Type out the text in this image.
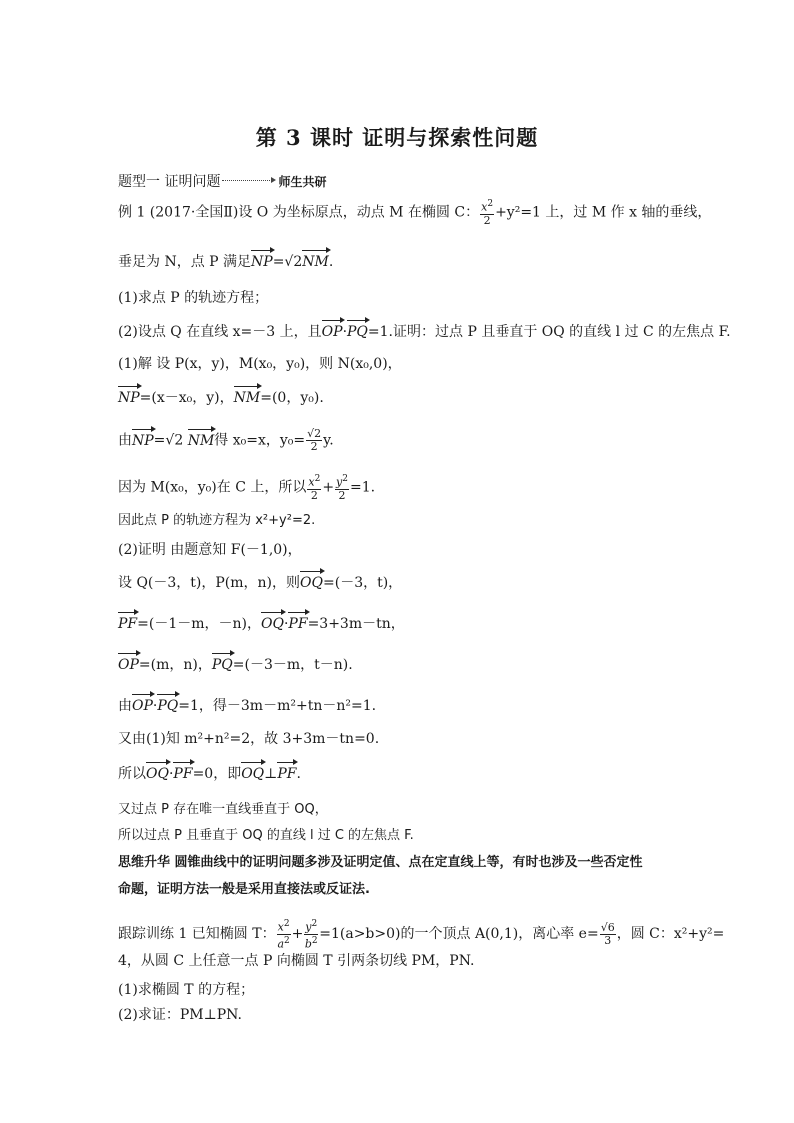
第 3 课时 证明与探索性问题
题型一 证明问题	师生共研
例 1 (2017·全国Ⅱ)设 O 为坐标原点，动点 M 在椭圆 C： $\frac{x^2}{2} +y^2=1$ 上，过 M 作 x 轴的垂线，
垂足为 N，点 P 满足NP=√2NM.
(1)求点 P 的轨迹方程；
(2)设点 Q 在直线 x=－3 上，且OP·PQ=1.证明：过点 P 且垂直于 OQ 的直线 l 过 C 的左焦点 F.
(1)解 设 P(x，y)，M(x₀，y₀)，则 N(x₀,0)，
NP=(x－x₀，y)，NM=(0，y₀).
由NP=√2 NM得 x₀=x，$y_0= \frac{√2}{2} y$.
因为 M(x₀，y₀)在 C 上，所以 $\frac{x^2}{2} + \frac{y^2}{2} =1$.
因此点 P 的轨迹方程为 x²+y²=2.
(2)证明 由题意知 F(－1,0)，
设 Q(－3，t)，P(m，n)，则OQ=(－3，t)，
PF=(－1－m，－n)，OQ·PF=3+3m－tn，
OP=(m，n)，PQ=(－3－m，t－n).
由OP·PQ=1，得－3m－m²+tn－n²=1.
又由(1)知 m²+n²=2，故 3+3m－tn=0.
所以OQ·PF=0，即OQ⊥PF.
又过点 P 存在唯一直线垂直于 OQ，
所以过点 P 且垂直于 OQ 的直线 l 过 C 的左焦点 F.
思维升华 圆锥曲线中的证明问题多涉及证明定值、点在定直线上等，有时也涉及一些否定性
命题，证明方法一般是采用直接法或反证法.
跟踪训练 1 已知椭圆 T： $\frac{x^2}{a^2} + \frac{y^2}{b^2} =1(a>b>0)$的一个顶点 A(0,1)，离心率 $e= \frac{√6}{3}$ ，圆 C：x²+y²=
4，从圆 C 上任意一点 P 向椭圆 T 引两条切线 PM，PN.
(1)求椭圆 T 的方程；
(2)求证：PM⊥PN.
